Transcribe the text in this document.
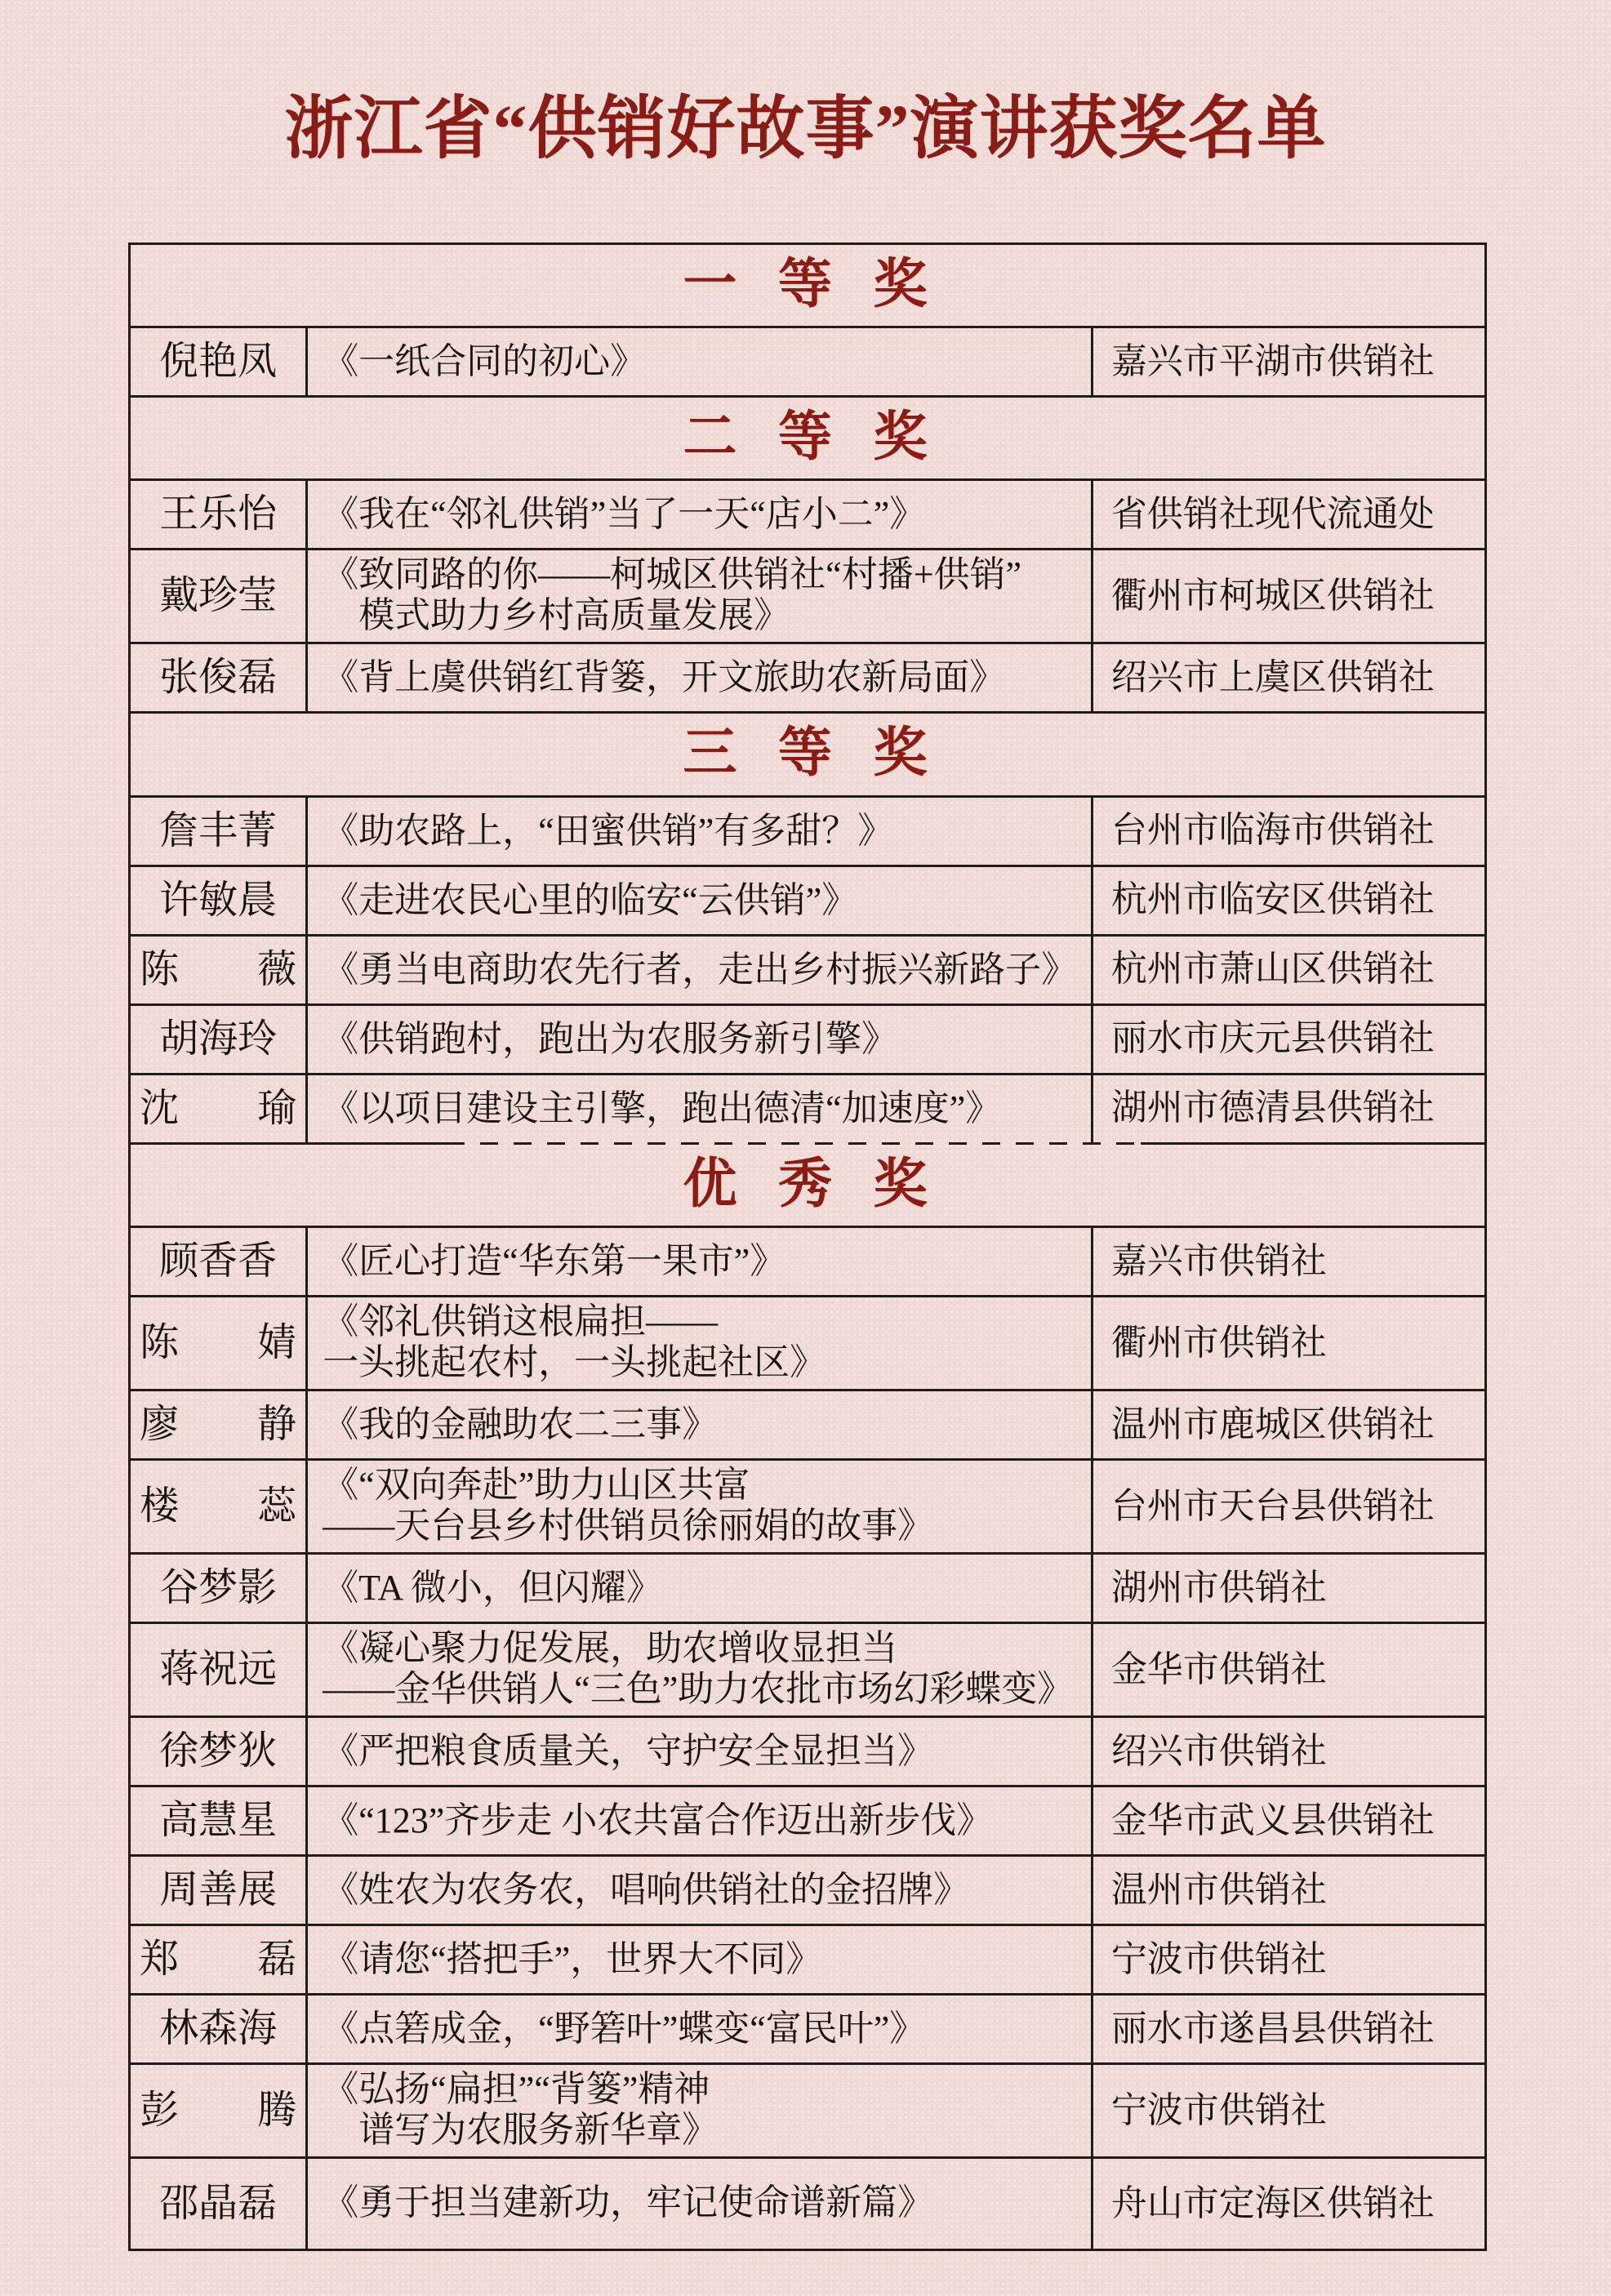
浙江省“供销好故事”演讲获奖名单
一 等 奖
倪艳凤	《一纸合同的初心》	嘉兴市平湖市供销社
二 等 奖
王乐怡	《我在“邻礼供销”当了一天“店小二”》	省供销社现代流通处
戴珍莹	《致同路的你——柯城区供销社“村播+供销”
模式助力乡村高质量发展》	衢州市柯城区供销社
张俊磊	《背上虞供销红背篓，开文旅助农新局面》	绍兴市上虞区供销社
三 等 奖
詹丰菁	《助农路上，“田蜜供销”有多甜？》	台州市临海市供销社
许敏晨	《走进农民心里的临安“云供销”》	杭州市临安区供销社
陈　　薇 《勇当电商助农先行者，走出乡村振兴新路子》 杭州市萧山区供销社
胡海玲	《供销跑村，跑出为农服务新引擎》	丽水市庆元县供销社
沈　　瑜 《以项目建设主引擎，跑出德清“加速度”》	湖州市德清县供销社
优 秀 奖
顾香香	《匠心打造“华东第一果市”》	嘉兴市供销社
陈　　婧 《邻礼供销这根扁担——
一头挑起农村，一头挑起社区》	衢州市供销社
廖　　静 《我的金融助农二三事》	温州市鹿城区供销社
楼　　蕊 《“双向奔赴”助力山区共富
——天台县乡村供销员徐丽娟的故事》	台州市天台县供销社
谷梦影	《TA 微小，但闪耀》	湖州市供销社
蒋祝远	《凝心聚力促发展，助农增收显担当
——金华供销人“三色”助力农批市场幻彩蝶变》	金华市供销社
徐梦狄	《严把粮食质量关，守护安全显担当》	绍兴市供销社
高慧星	《“123”齐步走 小农共富合作迈出新步伐》	金华市武义县供销社
周善展	《姓农为农务农，唱响供销社的金招牌》	温州市供销社
郑　　磊 《请您“搭把手”，世界大不同》	宁波市供销社
林森海	《点箬成金，“野箬叶”蝶变“富民叶”》	丽水市遂昌县供销社
彭　　腾 《弘扬“扁担”“背篓”精神
谱写为农服务新华章》	宁波市供销社
邵晶磊	《勇于担当建新功，牢记使命谱新篇》	舟山市定海区供销社
